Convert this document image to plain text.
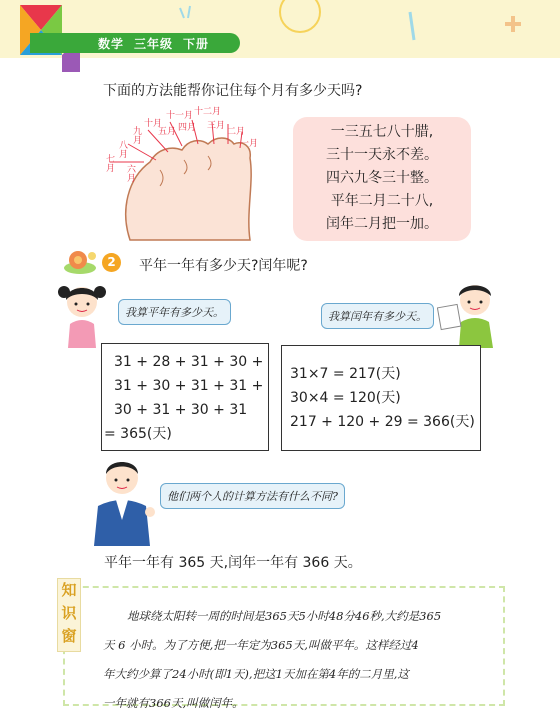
数学 三年级 下册
下面的方法能帮你记住每个月有多少天吗?
七月
八月
九月
十月
十一月 十二月
五月 四月 三月
二月
一月
六月
一三五七八十腊,
三十一天永不差。
四六九冬三十整。
平年二月二十八,
闰年二月把一加。
2	平年一年有多少天?闰年呢?
我算平年有多少天。	我算闰年有多少天。
31 + 28 + 31 + 30 +
31 + 30 + 31 + 31 +
30 + 31 + 30 + 31
= 365(天)
31×7 = 217(天)
30×4 = 120(天)
217 + 120 + 29 = 366(天)
他们两个人的计算方法有什么不同?
平年一年有 365 天,闰年一年有 366 天。
地球绕太阳转一周的时间是365天5小时48分46秒,大约是365
天 6 小时。为了方便,把一年定为365天,叫做平年。这样经过4
年大约少算了24小时(即1天),把这1天加在第4年的二月里,这
一年就有366天,叫做闰年。
知
识
窗
